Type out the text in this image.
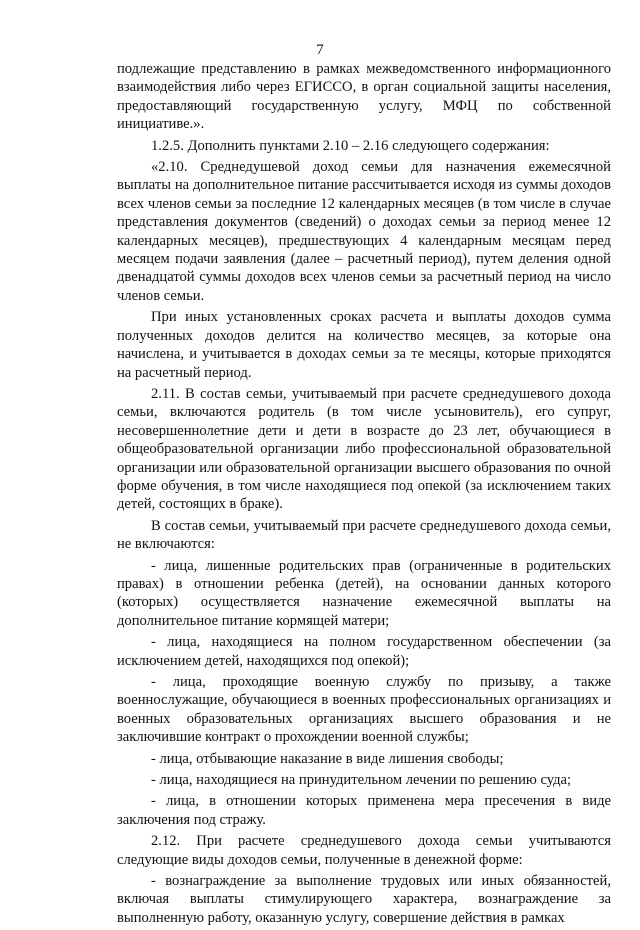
7

подлежащие представлению в рамках межведомственного информационного взаимодействия либо через ЕГИССО, в орган социальной защиты населения, предоставляющий государственную услугу, МФЦ по собственной инициативе.».

1.2.5. Дополнить пунктами 2.10 – 2.16 следующего содержания:

«2.10. Среднедушевой доход семьи для назначения ежемесячной выплаты на дополнительное питание рассчитывается исходя из суммы доходов всех членов семьи за последние 12 календарных месяцев (в том числе в случае представления документов (сведений) о доходах семьи за период менее 12 календарных месяцев), предшествующих 4 календарным месяцам перед месяцем подачи заявления (далее – расчетный период), путем деления одной двенадцатой суммы доходов всех членов семьи за расчетный период на число членов семьи.

При иных установленных сроках расчета и выплаты доходов сумма полученных доходов делится на количество месяцев, за которые она начислена, и учитывается в доходах семьи за те месяцы, которые приходятся на расчетный период.

2.11. В состав семьи, учитываемый при расчете среднедушевого дохода семьи, включаются родитель (в том числе усыновитель), его супруг, несовершеннолетние дети и дети в возрасте до 23 лет, обучающиеся в общеобразовательной организации либо профессиональной образовательной организации или образовательной организации высшего образования по очной форме обучения, в том числе находящиеся под опекой (за исключением таких детей, состоящих в браке).

В состав семьи, учитываемый при расчете среднедушевого дохода семьи, не включаются:

- лица, лишенные родительских прав (ограниченные в родительских правах) в отношении ребенка (детей), на основании данных которого (которых) осуществляется назначение ежемесячной выплаты на дополнительное питание кормящей матери;

- лица, находящиеся на полном государственном обеспечении (за исключением детей, находящихся под опекой);

- лица, проходящие военную службу по призыву, а также военнослужащие, обучающиеся в военных профессиональных организациях и военных образовательных организациях высшего образования и не заключившие контракт о прохождении военной службы;

- лица, отбывающие наказание в виде лишения свободы;

- лица, находящиеся на принудительном лечении по решению суда;

- лица, в отношении которых применена мера пресечения в виде заключения под стражу.

2.12. При расчете среднедушевого дохода семьи учитываются следующие виды доходов семьи, полученные в денежной форме:

- вознаграждение за выполнение трудовых или иных обязанностей, включая выплаты стимулирующего характера, вознаграждение за выполненную работу, оказанную услугу, совершение действия в рамках
